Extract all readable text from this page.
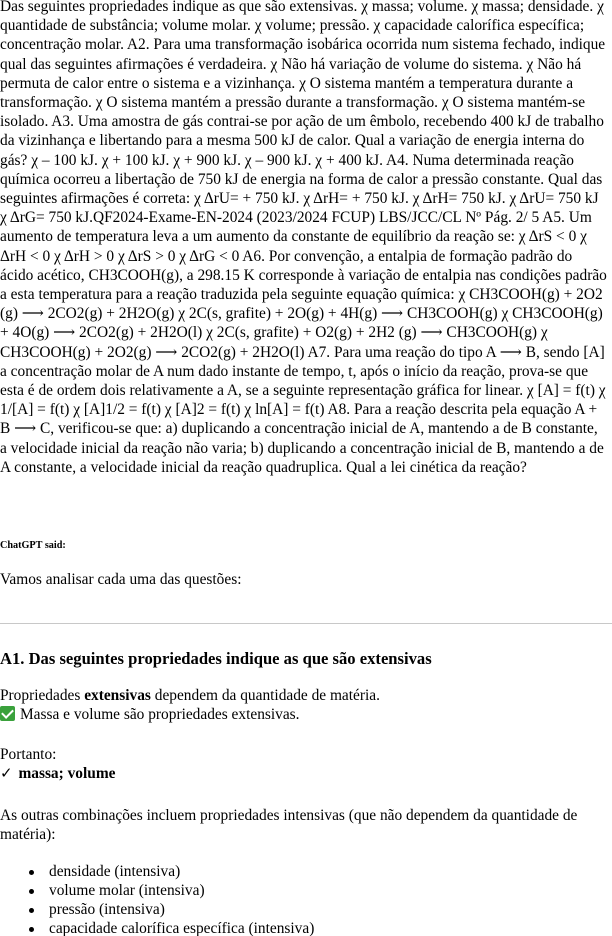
Das seguintes propriedades indique as que são extensivas. χ massa; volume. χ massa; densidade. χ quantidade de substância; volume molar. χ volume; pressão. χ capacidade calorífica específica; concentração molar. A2. Para uma transformação isobárica ocorrida num sistema fechado, indique qual das seguintes afirmações é verdadeira. χ Não há variação de volume do sistema. χ Não há permuta de calor entre o sistema e a vizinhança. χ O sistema mantém a temperatura durante a transformação. χ O sistema mantém a pressão durante a transformação. χ O sistema mantém-se isolado. A3. Uma amostra de gás contrai-se por ação de um êmbolo, recebendo 400 kJ de trabalho da vizinhança e libertando para a mesma 500 kJ de calor. Qual a variação de energia interna do gás? χ – 100 kJ. χ + 100 kJ. χ + 900 kJ. χ – 900 kJ. χ + 400 kJ. A4. Numa determinada reação química ocorreu a libertação de 750 kJ de energia na forma de calor a pressão constante. Qual das seguintes afirmações é correta: χ ΔrU= + 750 kJ. χ ΔrH= + 750 kJ. χ ΔrH= 750 kJ. χ ΔrU= 750 kJ χ ΔrG= 750 kJ.QF2024-Exame-EN-2024 (2023/2024 FCUP) LBS/JCC/CL Nº Pág. 2/ 5 A5. Um aumento de temperatura leva a um aumento da constante de equilíbrio da reação se: χ ΔrS < 0 χ ΔrH < 0 χ ΔrH > 0 χ ΔrS > 0 χ ΔrG < 0 A6. Por convenção, a entalpia de formação padrão do ácido acético, CH3COOH(g), a 298.15 K corresponde à variação de entalpia nas condições padrão a esta temperatura para a reação traduzida pela seguinte equação química: χ CH3COOH(g) + 2O2 (g) ⟶ 2CO2(g) + 2H2O(g) χ 2C(s, grafite) + 2O(g) + 4H(g) ⟶ CH3COOH(g) χ CH3COOH(g) + 4O(g) ⟶ 2CO2(g) + 2H2O(l) χ 2C(s, grafite) + O2(g) + 2H2 (g) ⟶ CH3COOH(g) χ CH3COOH(g) + 2O2(g) ⟶ 2CO2(g) + 2H2O(l) A7. Para uma reação do tipo A ⟶ B, sendo [A] a concentração molar de A num dado instante de tempo, t, após o início da reação, prova-se que esta é de ordem dois relativamente a A, se a seguinte representação gráfica for linear. χ [A] = f(t) χ 1/[A] = f(t) χ [A]1/2 = f(t) χ [A]2 = f(t) χ ln[A] = f(t) A8. Para a reação descrita pela equação A + B ⟶ C, verificou-se que: a) duplicando a concentração inicial de A, mantendo a de B constante, a velocidade inicial da reação não varia; b) duplicando a concentração inicial de B, mantendo a de A constante, a velocidade inicial da reação quadruplica. Qual a lei cinética da reação?

ChatGPT said:

Vamos analisar cada uma das questões:

A1. Das seguintes propriedades indique as que são extensivas
Propriedades extensivas dependem da quantidade de matéria.
Massa e volume são propriedades extensivas.
Portanto:
✓ massa; volume

As outras combinações incluem propriedades intensivas (que não dependem da quantidade de matéria):

densidade (intensiva)
volume molar (intensiva)
pressão (intensiva)
capacidade calorífica específica (intensiva)
